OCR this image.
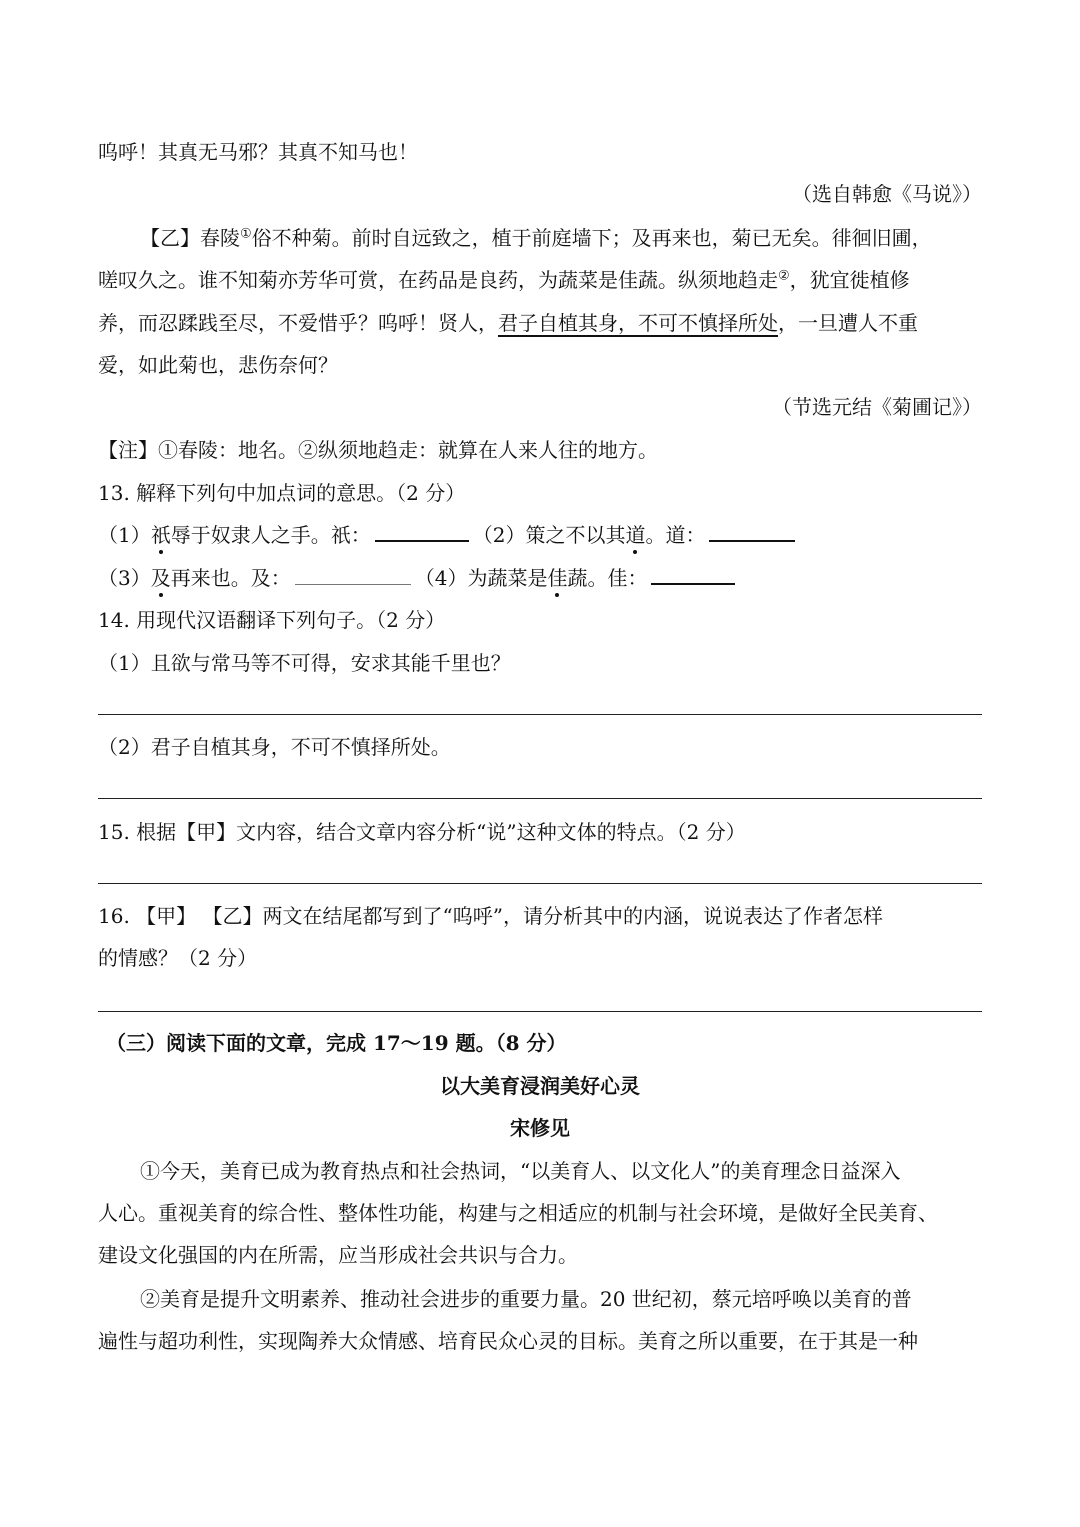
呜呼！其真无马邪？其真不知马也！
（选自韩愈《马说》）
【乙】春陵①俗不种菊。前时自远致之，植于前庭墙下；及再来也，菊已无矣。徘徊旧圃，
嗟叹久之。谁不知菊亦芳华可赏，在药品是良药，为蔬菜是佳蔬。纵须地趋走②，犹宜徙植修
养，而忍蹂践至尽，不爱惜乎？呜呼！贤人，君子自植其身，不可不慎择所处，一旦遭人不重
爱，如此菊也，悲伤奈何？
（节选元结《菊圃记》）
【注】①春陵：地名。②纵须地趋走：就算在人来人往的地方。
13. 解释下列句中加点词的意思。（2 分）
（1）祇辱于奴隶人之手。祇：	（2）策之不以其道。道：
（3）及再来也。及：	（4）为蔬菜是佳蔬。佳：
14. 用现代汉语翻译下列句子。（2 分）
（1）且欲与常马等不可得，安求其能千里也？
（2）君子自植其身，不可不慎择所处。
15. 根据【甲】文内容，结合文章内容分析“说”这种文体的特点。（2 分）
16. 【甲】 【乙】两文在结尾都写到了“呜呼”，请分析其中的内涵，说说表达了作者怎样
的情感？（2 分）
（三）阅读下面的文章，完成 17～19 题。（8 分）
以大美育浸润美好心灵
宋修见
①今天，美育已成为教育热点和社会热词，“以美育人、以文化人”的美育理念日益深入
人心。重视美育的综合性、整体性功能，构建与之相适应的机制与社会环境，是做好全民美育、
建设文化强国的内在所需，应当形成社会共识与合力。
②美育是提升文明素养、推动社会进步的重要力量。20 世纪初，蔡元培呼唤以美育的普
遍性与超功利性，实现陶养大众情感、培育民众心灵的目标。美育之所以重要，在于其是一种
